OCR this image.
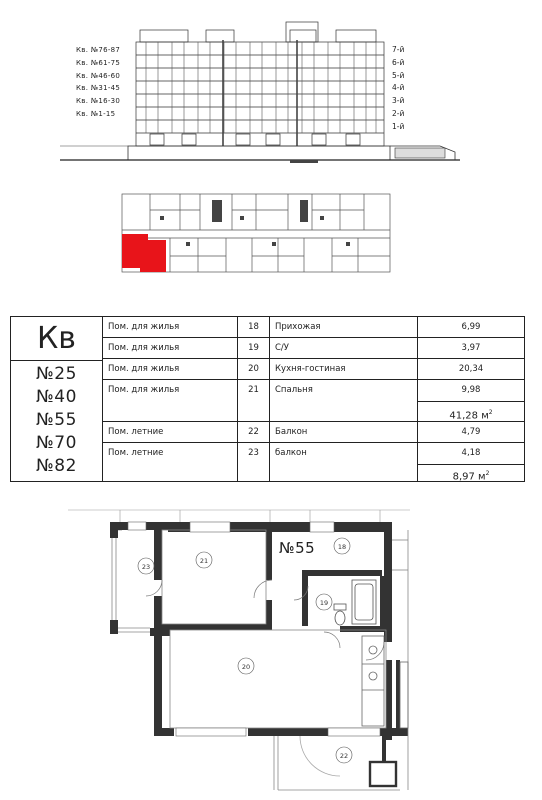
Кв. №76-87
Кв. №61-75
Кв. №46-60
Кв. №31-45
Кв. №16-30
Кв. №1-15
7-й
6-й
5-й
4-й
3-й
2-й
1-й
Кв
№25
№40
№55
№70
№82
Пом. для жилья	18	Прихожая	6,99
Пом. для жилья	19	С/У	3,97
Пом. для жилья	20	Кухня-гостиная	20,34
Пом. для жилья	21	Спальня	9,98
41,28 $м^2$
Пом. летние	22	Балкон	4,79
Пом. летние	23	балкон	4,18
8,97 $м^2$
18
19
20
21
22
23
№55
